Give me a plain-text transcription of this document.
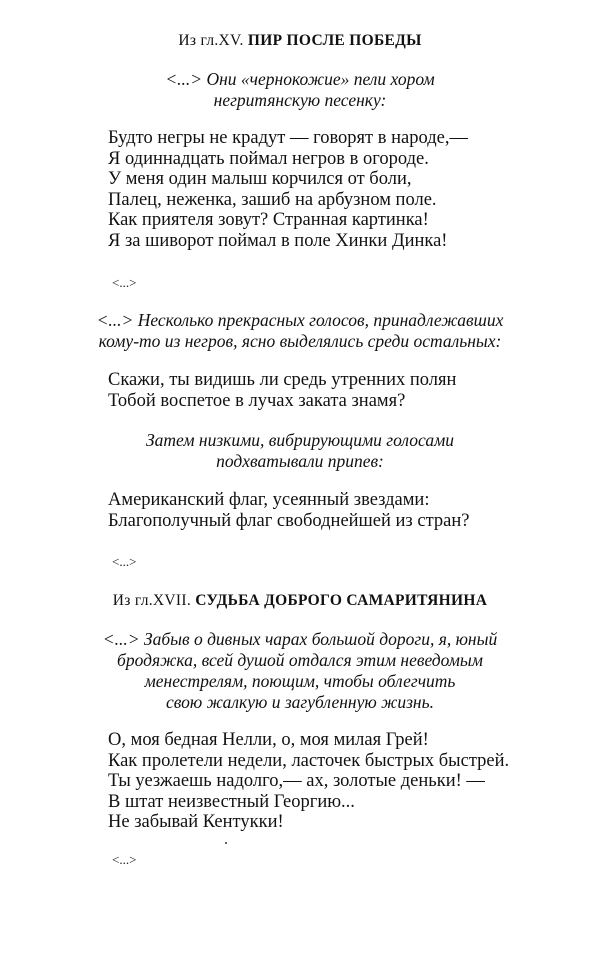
Из гл.XV. ПИР ПОСЛЕ ПОБЕДЫ
<...> Они «чернокожие» пели хором
негритянскую песенку:
Будто негры не крадут — говорят в народе,—
Я одиннадцать поймал негров в огороде.
У меня один малыш корчился от боли,
Палец, неженка, зашиб на арбузном поле.
Как приятеля зовут? Странная картинка!
Я за шиворот поймал в поле Хинки Динка!
<...>
<...> Несколько прекрасных голосов, принадлежавших
кому-то из негров, ясно выделялись среди остальных:
Скажи, ты видишь ли средь утренних полян
Тобой воспетое в лучах заката знамя?
Затем низкими, вибрирующими голосами
подхватывали припев:
Американский флаг, усеянный звездами:
Благополучный флаг свободнейшей из стран?
<...>
Из гл.XVII. СУДЬБА ДОБРОГО САМАРИТЯНИНА
<...> Забыв о дивных чарах большой дороги, я, юный
бродяжка, всей душой отдался этим неведомым
менестрелям, поющим, чтобы облегчить
свою жалкую и загубленную жизнь.
О, моя бедная Нелли, о, моя милая Грей!
Как пролетели недели, ласточек быстрых быстрей.
Ты уезжаешь надолго,— ах, золотые деньки! —
В штат неизвестный Георгию...
Не забывай Кентукки!
<...>
